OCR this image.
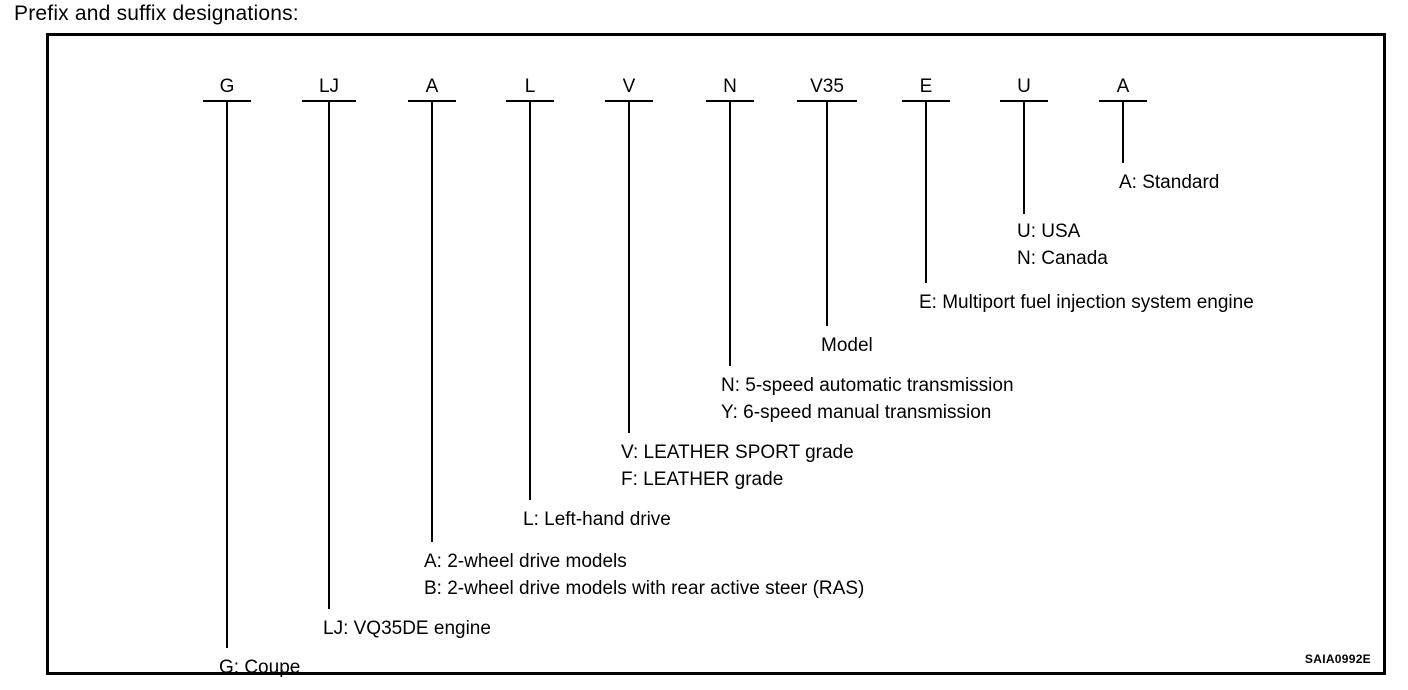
Prefix and suffix designations:
G	LJ	A	L	V	N	V35	E	U	A
A: Standard
U: USA
N: Canada
E: Multiport fuel injection system engine
Model
N: 5-speed automatic transmission
Y: 6-speed manual transmission
V: LEATHER SPORT grade
F: LEATHER grade
L: Left-hand drive
A: 2-wheel drive models
B: 2-wheel drive models with rear active steer (RAS)
LJ: VQ35DE engine
G: Coupe	SAIA0992E
